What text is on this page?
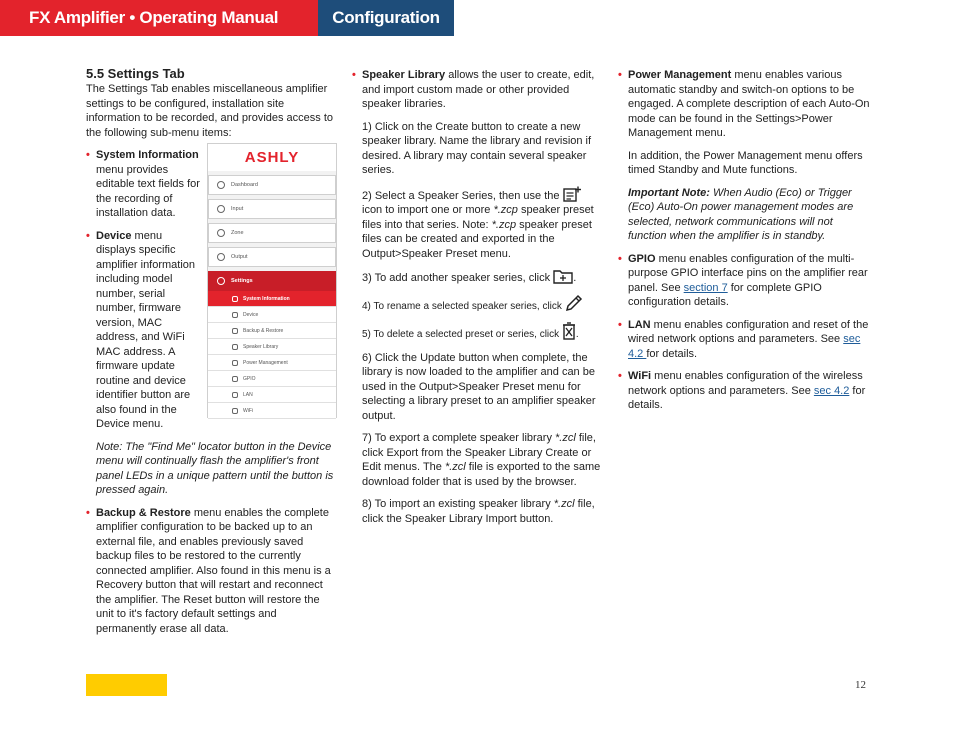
FX Amplifier • Operating Manual	Configuration
5.5 Settings Tab

The Settings Tab enables miscellaneous amplifier settings to be configured, installation site information to be recorded, and provides access to the following sub-menu items:

• System Information menu provides editable text fields for the recording of installation data.
• Device menu displays specific amplifier information including model number, serial number, firmware version, MAC address, and WiFi MAC address. A firmware update routine and device identifier button are also found in the Device menu.

Note: The "Find Me" locator button in the Device menu will continually flash the amplifier's front panel LEDs in a unique pattern until the button is pressed again.

• Backup & Restore menu enables the complete amplifier configuration to be backed up to an external file, and enables previously saved backup files to be restored to the currently connected amplifier. Also found in this menu is a Recovery button that will restart and reconnect the amplifier. The Reset button will restore the unit to it's factory default settings and permanently erase all data.
ASHLY
Dashboard
Input
Zone
Output
Settings
System Information
Device
Backup & Restore
Speaker Library
Power Management
GPIO
LAN
WiFi
• Speaker Library allows the user to create, edit, and import custom made or other provided speaker libraries.

1) Click on the Create button to create a new speaker library. Name the library and revision if desired. A library may contain several speaker series.

2) Select a Speaker Series, then use the  icon to import one or more *.zcp speaker preset files into that series. Note: *.zcp speaker preset files can be created and exported in the Output>Speaker Preset menu.

3) To add another speaker series, click .

4) To rename a selected speaker series, click

5) To delete a selected preset or series, click .

6) Click the Update button when complete, the library is now loaded to the amplifier and can be used in the Output>Speaker Preset menu for selecting a library preset to an amplifier speaker output.

7) To export a complete speaker library *.zcl file, click Export from the Speaker Library Create or Edit menus. The *.zcl file is exported to the same download folder that is used by the browser.

8) To import an existing speaker library *.zcl file, click the Speaker Library Import button.

• Power Management menu enables various automatic standby and switch-on options to be engaged. A complete description of each Auto-On mode can be found in the Settings>Power Management menu.

In addition, the Power Management menu offers timed Standby and Mute functions.

Important Note: When Audio (Eco) or Trigger (Eco) Auto-On power management modes are selected, network communications will not function when the amplifier is in standby.

• GPIO menu enables configuration of the multi-purpose GPIO interface pins on the amplifier rear panel. See section 7 for complete GPIO configuration details.
• LAN menu enables configuration and reset of the wired network options and parameters. See sec 4.2 for details.
• WiFi menu enables configuration of the wireless network options and parameters. See sec 4.2 for details.
12
